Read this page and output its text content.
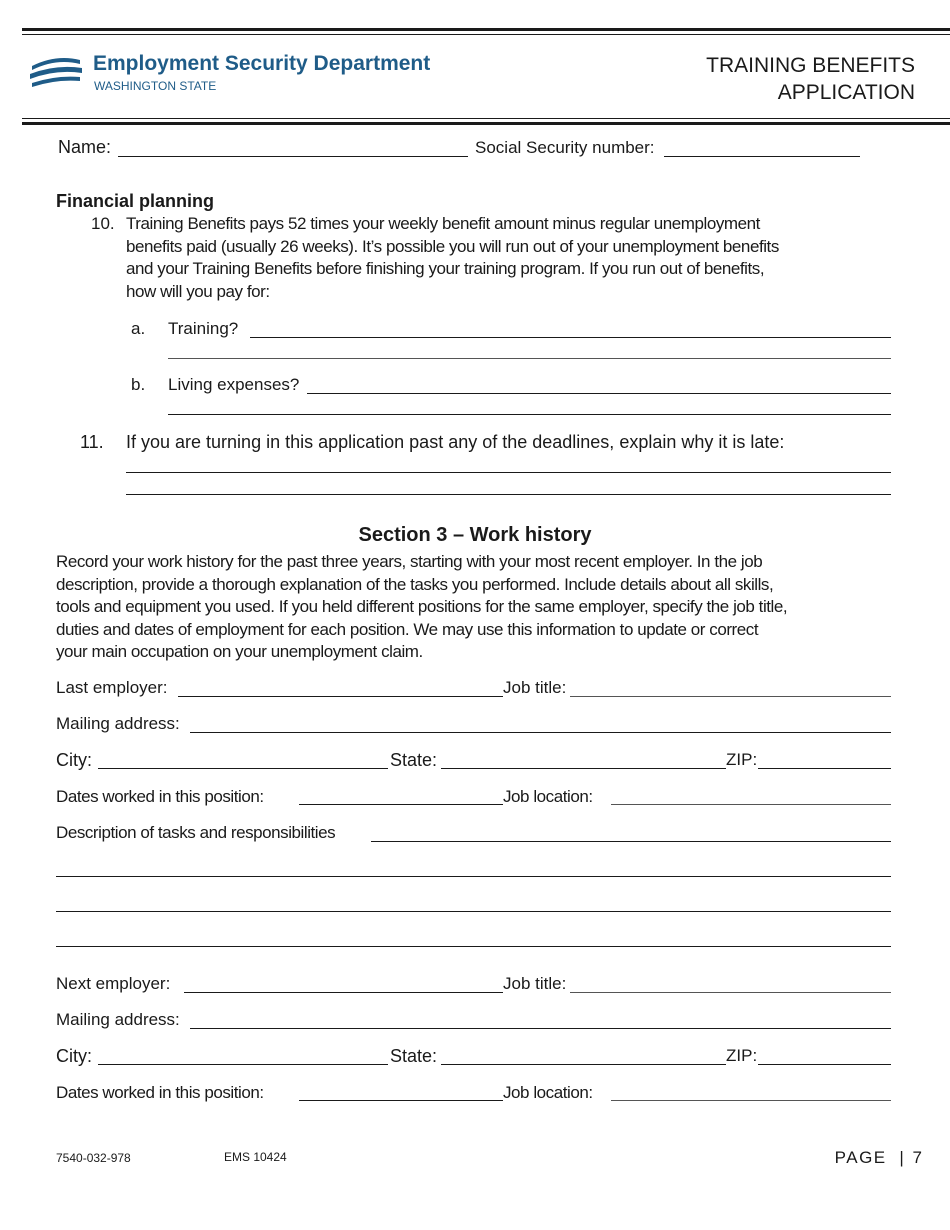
Employment Security Department
WASHINGTON STATE
TRAINING BENEFITS
APPLICATION
Name:	Social Security number:
Financial planning
10. Training Benefits pays 52 times your weekly benefit amount minus regular unemployment
benefits paid (usually 26 weeks). It’s possible you will run out of your unemployment benefits
and your Training Benefits before finishing your training program. If you run out of benefits,
how will you pay for:
a. Training?
b. Living expenses?
11. If you are turning in this application past any of the deadlines, explain why it is late:
Section 3 – Work history
Record your work history for the past three years, starting with your most recent employer. In the job
description, provide a thorough explanation of the tasks you performed. Include details about all skills,
tools and equipment you used. If you held different positions for the same employer, specify the job title,
duties and dates of employment for each position. We may use this information to update or correct
your main occupation on your unemployment claim.
Last employer:	Job title:
Mailing address:
City:	State:	ZIP:
Dates worked in this position:	Job location:
Description of tasks and responsibilities
Next employer:	Job title:
Mailing address:
City:	State:	ZIP:
Dates worked in this position:	Job location:
7540-032-978	EMS 10424	PAGE | 7
